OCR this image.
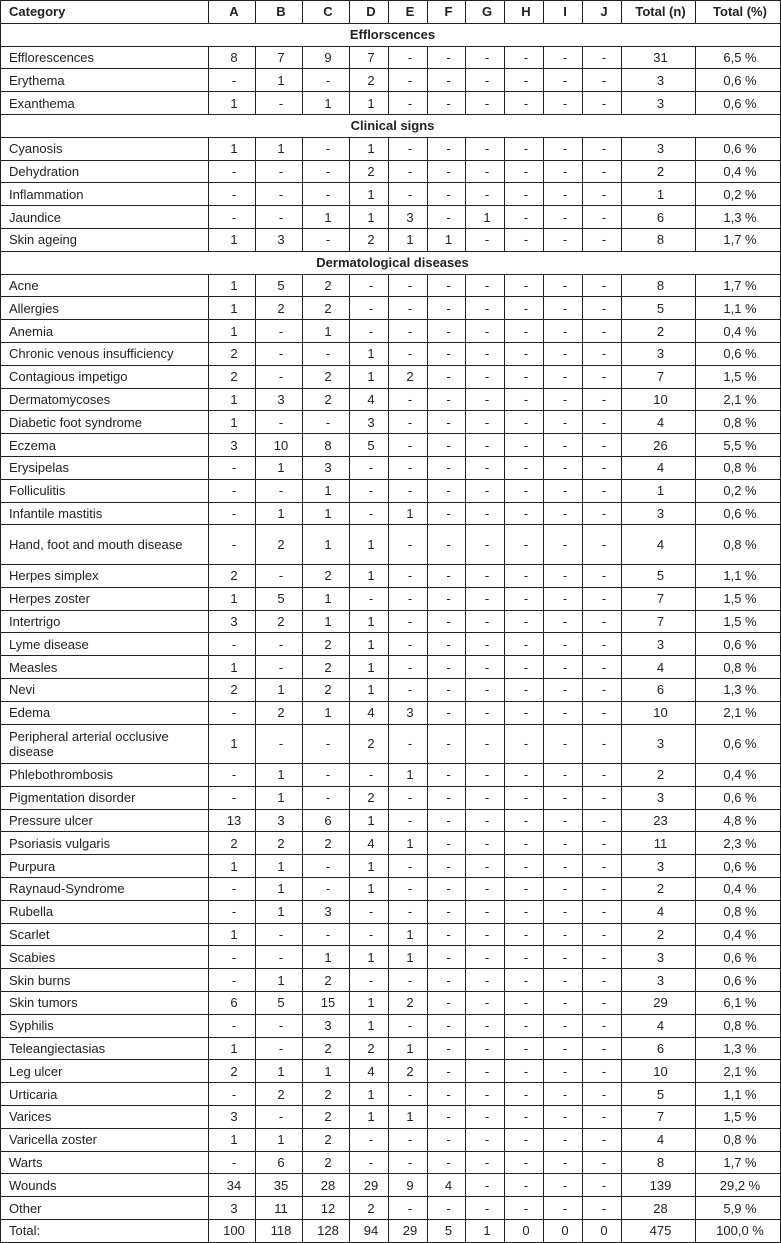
Category	A	B	C	D	E	F	G	H	I	J	Total (n)	Total (%)
Efflorscences												
Efflorescences	8	7	9	7	-	-	-	-	-	-	31	6,5 %
Erythema	-	1	-	2	-	-	-	-	-	-	3	0,6 %
Exanthema	1	-	1	1	-	-	-	-	-	-	3	0,6 %
Clinical signs												
Cyanosis	1	1	-	1	-	-	-	-	-	-	3	0,6 %
Dehydration	-	-	-	2	-	-	-	-	-	-	2	0,4 %
Inflammation	-	-	-	1	-	-	-	-	-	-	1	0,2 %
Jaundice	-	-	1	1	3	-	1	-	-	-	6	1,3 %
Skin ageing	1	3	-	2	1	1	-	-	-	-	8	1,7 %
Dermatological diseases												
Acne	1	5	2	-	-	-	-	-	-	-	8	1,7 %
Allergies	1	2	2	-	-	-	-	-	-	-	5	1,1 %
Anemia	1	-	1	-	-	-	-	-	-	-	2	0,4 %
Chronic venous insufficiency	2	-	-	1	-	-	-	-	-	-	3	0,6 %
Contagious impetigo	2	-	2	1	2	-	-	-	-	-	7	1,5 %
Dermatomycoses	1	3	2	4	-	-	-	-	-	-	10	2,1 %
Diabetic foot syndrome	1	-	-	3	-	-	-	-	-	-	4	0,8 %
Eczema	3	10	8	5	-	-	-	-	-	-	26	5,5 %
Erysipelas	-	1	3	-	-	-	-	-	-	-	4	0,8 %
Folliculitis	-	-	1	-	-	-	-	-	-	-	1	0,2 %
Infantile mastitis	-	1	1	-	1	-	-	-	-	-	3	0,6 %
Hand, foot and mouth disease	-	2	1	1	-	-	-	-	-	-	4	0,8 %
Herpes simplex	2	-	2	1	-	-	-	-	-	-	5	1,1 %
Herpes zoster	1	5	1	-	-	-	-	-	-	-	7	1,5 %
Intertrigo	3	2	1	1	-	-	-	-	-	-	7	1,5 %
Lyme disease	-	-	2	1	-	-	-	-	-	-	3	0,6 %
Measles	1	-	2	1	-	-	-	-	-	-	4	0,8 %
Nevi	2	1	2	1	-	-	-	-	-	-	6	1,3 %
Edema	-	2	1	4	3	-	-	-	-	-	10	2,1 %
Peripheral arterial occlusive disease	1	-	-	2	-	-	-	-	-	-	3	0,6 %
Phlebothrombosis	-	1	-	-	1	-	-	-	-	-	2	0,4 %
Pigmentation disorder	-	1	-	2	-	-	-	-	-	-	3	0,6 %
Pressure ulcer	13	3	6	1	-	-	-	-	-	-	23	4,8 %
Psoriasis vulgaris	2	2	2	4	1	-	-	-	-	-	11	2,3 %
Purpura	1	1	-	1	-	-	-	-	-	-	3	0,6 %
Raynaud-Syndrome	-	1	-	1	-	-	-	-	-	-	2	0,4 %
Rubella	-	1	3	-	-	-	-	-	-	-	4	0,8 %
Scarlet	1	-	-	-	1	-	-	-	-	-	2	0,4 %
Scabies	-	-	1	1	1	-	-	-	-	-	3	0,6 %
Skin burns	-	1	2	-	-	-	-	-	-	-	3	0,6 %
Skin tumors	6	5	15	1	2	-	-	-	-	-	29	6,1 %
Syphilis	-	-	3	1	-	-	-	-	-	-	4	0,8 %
Teleangiectasias	1	-	2	2	1	-	-	-	-	-	6	1,3 %
Leg ulcer	2	1	1	4	2	-	-	-	-	-	10	2,1 %
Urticaria	-	2	2	1	-	-	-	-	-	-	5	1,1 %
Varices	3	-	2	1	1	-	-	-	-	-	7	1,5 %
Varicella zoster	1	1	2	-	-	-	-	-	-	-	4	0,8 %
Warts	-	6	2	-	-	-	-	-	-	-	8	1,7 %
Wounds	34	35	28	29	9	4	-	-	-	-	139	29,2 %
Other	3	11	12	2	-	-	-	-	-	-	28	5,9 %
Total:	100	118	128	94	29	5	1	0	0	0	475	100,0 %
